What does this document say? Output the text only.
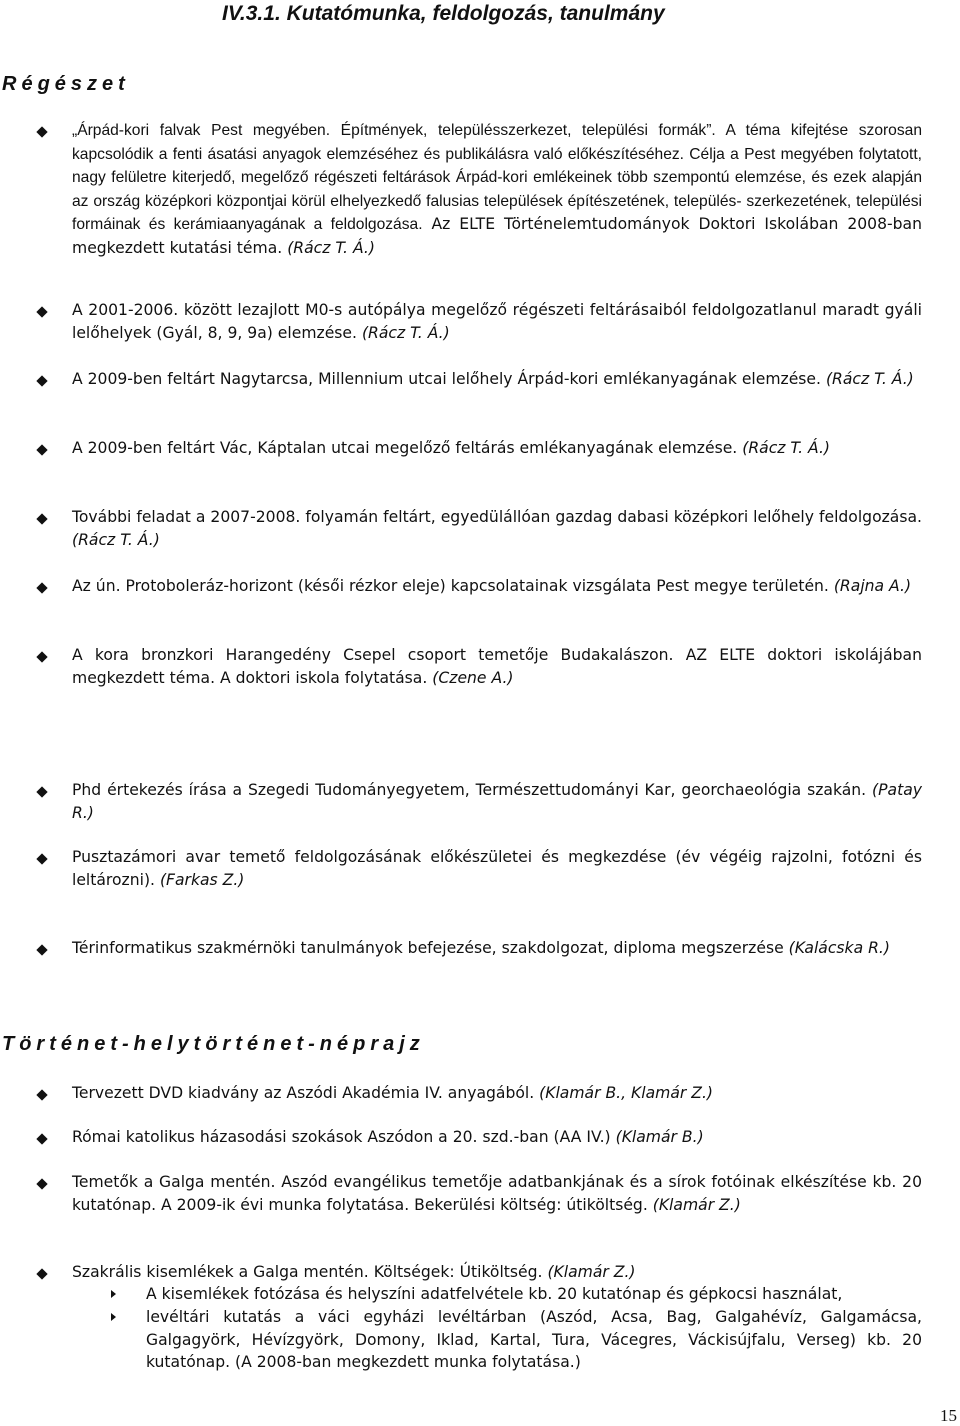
IV.3.1. Kutatómunka, feldolgozás, tanulmány
Régészet
„Árpád-kori falvak Pest megyében. Építmények, településszerkezet, települési formák”. A téma kifejtése szorosan kapcsolódik a fenti ásatási anyagok elemzéséhez és publikálásra való előkészítéséhez. Célja a Pest megyében folytatott, nagy felületre kiterjedő, megelőző régészeti feltárások Árpád-kori emlékeinek több szempontú elemzése, és ezek alapján az ország középkori központjai körül elhelyezkedő falusias települések építészetének, település- szerkezetének, települési formáinak és kerámiaanyagának a feldolgozása. Az ELTE Történelemtudományok Doktori Iskolában 2008-ban megkezdett kutatási téma. (Rácz T. Á.)
A 2001-2006. között lezajlott M0-s autópálya megelőző régészeti feltárásaiból feldolgozatlanul maradt gyáli lelőhelyek (Gyál, 8, 9, 9a) elemzése. (Rácz T. Á.)
A 2009-ben feltárt Nagytarcsa, Millennium utcai lelőhely Árpád-kori emlékanyagának elemzése. (Rácz T. Á.)
A 2009-ben feltárt Vác, Káptalan utcai megelőző feltárás emlékanyagának elemzése. (Rácz T. Á.)
További feladat a 2007-2008. folyamán feltárt, egyedülállóan gazdag dabasi középkori lelőhely feldolgozása. (Rácz T. Á.)
Az ún. Protoboleráz-horizont (késői rézkor eleje) kapcsolatainak vizsgálata Pest megye területén. (Rajna A.)
A kora bronzkori Harangedény Csepel csoport temetője Budakalászon. AZ ELTE doktori iskolájában megkezdett téma. A doktori iskola folytatása. (Czene A.)
Phd értekezés írása a Szegedi Tudományegyetem, Természettudományi Kar, georchaeológia szakán. (Patay R.)
Pusztazámori avar temető feldolgozásának előkészületei és megkezdése (év végéig rajzolni, fotózni és leltározni). (Farkas Z.)
Térinformatikus szakmérnöki tanulmányok befejezése, szakdolgozat, diploma megszerzése (Kalácska R.)
Történet-helytörténet-néprajz
Tervezett DVD kiadvány az Aszódi Akadémia IV. anyagából. (Klamár B., Klamár Z.)
Római katolikus házasodási szokások Aszódon a 20. szd.-ban (AA IV.) (Klamár B.)
Temetők a Galga mentén. Aszód evangélikus temetője adatbankjának és a sírok fotóinak elkészítése kb. 20 kutatónap. A 2009-ik évi munka folytatása. Bekerülési költség: útiköltség. (Klamár Z.)
Szakrális kisemlékek a Galga mentén. Költségek: Útiköltség. (Klamár Z.)
A kisemlékek fotózása és helyszíni adatfelvétele kb. 20 kutatónap és gépkocsi használat,
levéltári kutatás a váci egyházi levéltárban (Aszód, Acsa, Bag, Galgahévíz, Galgamácsa, Galgagyörk, Hévízgyörk, Domony, Iklad, Kartal, Tura, Vácegres, Váckisújfalu, Verseg) kb. 20 kutatónap. (A 2008-ban megkezdett munka folytatása.)
15
